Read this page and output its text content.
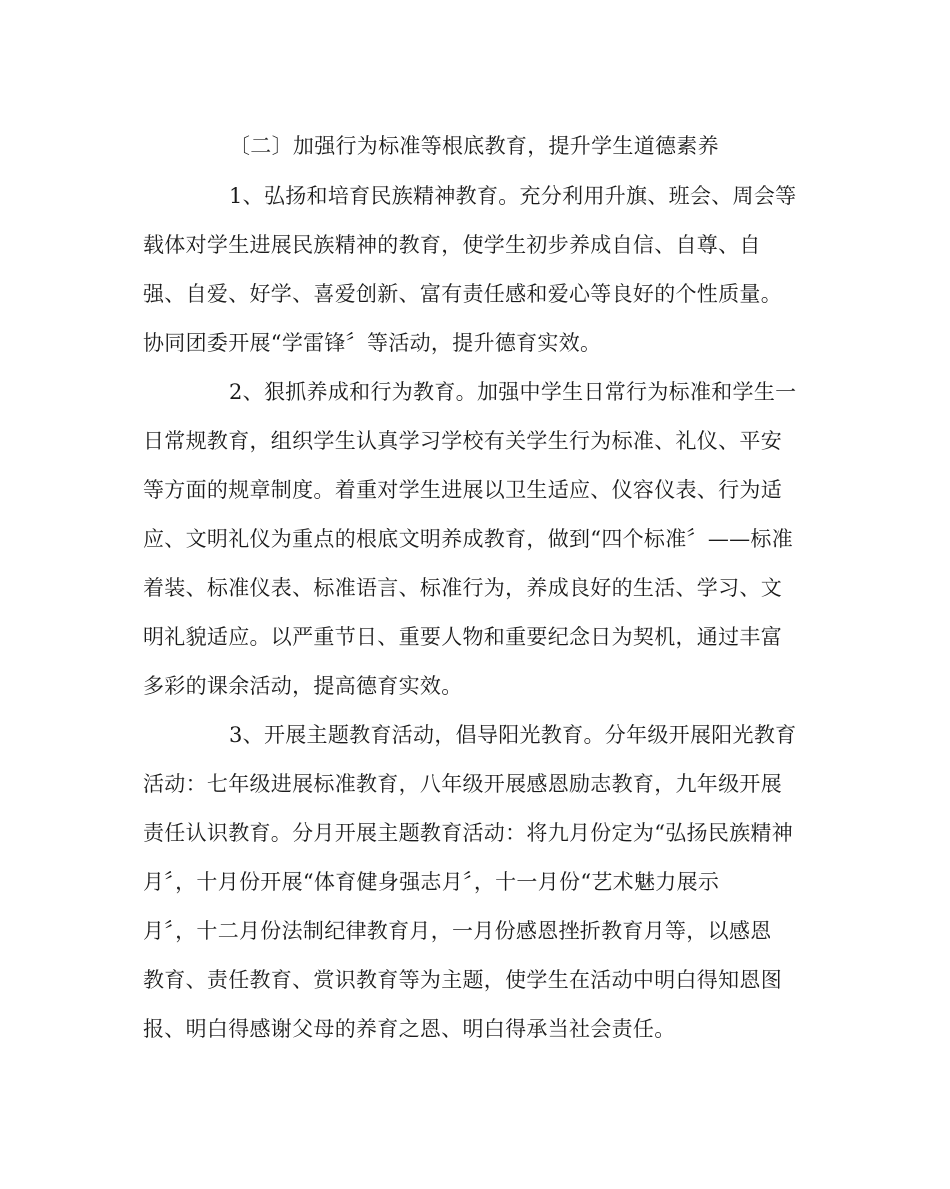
〔二〕加强行为标准等根底教育，提升学生道德素养
1、弘扬和培育民族精神教育。充分利用升旗、班会、周会等
载体对学生进展民族精神的教育，使学生初步养成自信、自尊、自
强、自爱、好学、喜爱创新、富有责任感和爱心等良好的个性质量。
协同团委开展“学雷锋〞等活动，提升德育实效。
2、狠抓养成和行为教育。加强中学生日常行为标准和学生一
日常规教育，组织学生认真学习学校有关学生行为标准、礼仪、平安
等方面的规章制度。着重对学生进展以卫生适应、仪容仪表、行为适
应、文明礼仪为重点的根底文明养成教育，做到“四个标准〞——标准
着装、标准仪表、标准语言、标准行为，养成良好的生活、学习、文
明礼貌适应。以严重节日、重要人物和重要纪念日为契机，通过丰富
多彩的课余活动，提高德育实效。
3、开展主题教育活动，倡导阳光教育。分年级开展阳光教育
活动：七年级进展标准教育，八年级开展感恩励志教育，九年级开展
责任认识教育。分月开展主题教育活动：将九月份定为“弘扬民族精神
月〞，十月份开展“体育健身强志月〞，十一月份“艺术魅力展示
月〞，十二月份法制纪律教育月，一月份感恩挫折教育月等，以感恩
教育、责任教育、赏识教育等为主题，使学生在活动中明白得知恩图
报、明白得感谢父母的养育之恩、明白得承当社会责任。
